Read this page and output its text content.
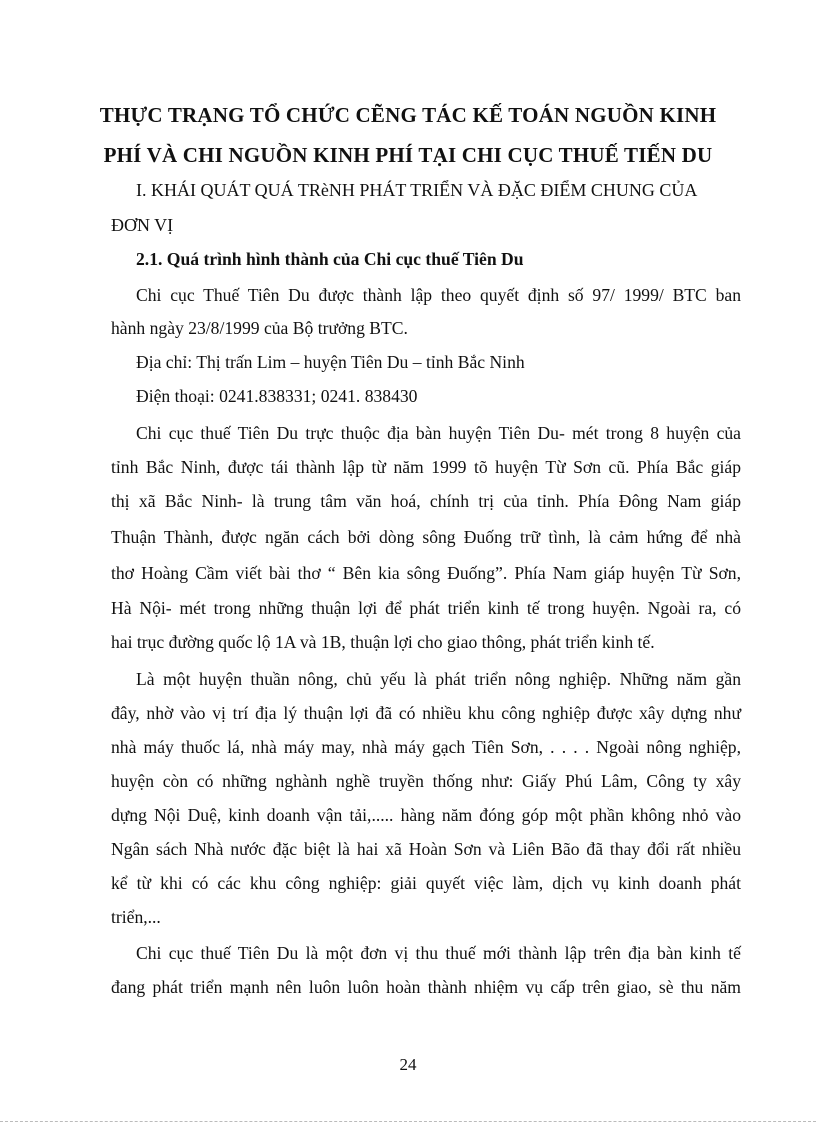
THỰC TRẠNG TỔ CHỨC CẼNG TÁC KẾ TOÁN NGUỒN KINH
PHÍ VÀ CHI NGUỒN KINH PHÍ TẠI CHI CỤC THUẾ TIẾN DU
I. KHÁI QUÁT QUÁ TRèNH PHÁT TRIỂN VÀ ĐẶC ĐIỂM CHUNG CỦA
ĐƠN VỊ
2.1. Quá trình hình thành của Chi cục thuế Tiên Du
Chi cục Thuế Tiên Du được thành lập theo quyết định số 97/ 1999/ BTC ban
hành ngày 23/8/1999 của Bộ trưởng BTC.
Địa chỉ: Thị trấn Lim – huyện Tiên Du – tỉnh Bắc Ninh
Điện thoại: 0241.838331; 0241. 838430
Chi cục thuế Tiên Du trực thuộc địa bàn huyện Tiên Du- mét trong 8 huyện của
tỉnh Bắc Ninh, được tái thành lập từ năm 1999 tõ huyện Từ Sơn cũ. Phía Bắc giáp
thị xã Bắc Ninh- là trung tâm văn hoá, chính trị của tỉnh. Phía Đông Nam giáp
Thuận Thành, được ngăn cách bởi dòng sông Đuống trữ tình, là cảm hứng để nhà
thơ Hoàng Cầm viết bài thơ “ Bên kia sông Đuống”. Phía Nam giáp huyện Từ Sơn,
Hà Nội- mét trong những thuận lợi để phát triển kinh tế trong huyện. Ngoài ra, có
hai trục đường quốc lộ 1A và 1B, thuận lợi cho giao thông, phát triển kinh tế.
Là một huyện thuần nông, chủ yếu là phát triển nông nghiệp. Những năm gần
đây, nhờ vào vị trí địa lý thuận lợi đã có nhiều khu công nghiệp được xây dựng như
nhà máy thuốc lá, nhà máy may, nhà máy gạch Tiên Sơn, . . . . Ngoài nông nghiệp,
huyện còn có những nghành nghề truyền thống như: Giấy Phú Lâm, Công ty xây
dựng Nội Duệ, kinh doanh vận tải,..... hàng năm đóng góp một phần không nhỏ vào
Ngân sách Nhà nước đặc biệt là hai xã Hoàn Sơn và Liên Bão đã thay đổi rất nhiều
kể từ khi có các khu công nghiệp: giải quyết việc làm, dịch vụ kinh doanh phát
triển,...
Chi cục thuế Tiên Du là một đơn vị thu thuế mới thành lập trên địa bàn kinh tế
đang phát triển mạnh nên luôn luôn hoàn thành nhiệm vụ cấp trên giao, sè thu năm
24
